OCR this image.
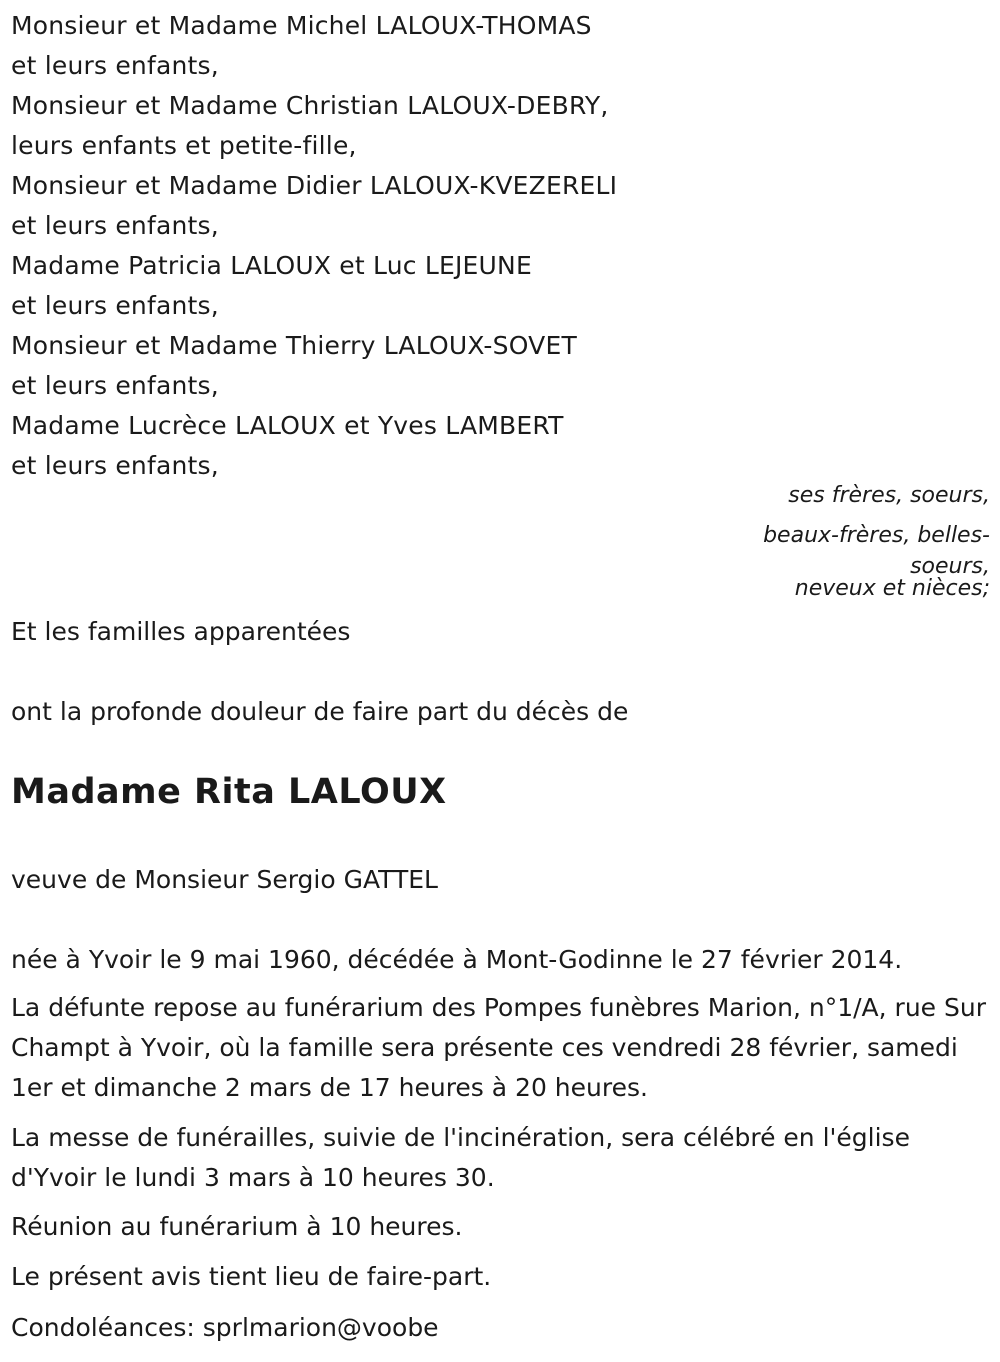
Monsieur et Madame Michel LALOUX-THOMAS
et leurs enfants,
Monsieur et Madame Christian LALOUX-DEBRY,
leurs enfants et petite-fille,
Monsieur et Madame Didier LALOUX-KVEZERELI
et leurs enfants,
Madame Patricia LALOUX et Luc LEJEUNE
et leurs enfants,
Monsieur et Madame Thierry LALOUX-SOVET
et leurs enfants,
Madame Lucrèce LALOUX et Yves LAMBERT
et leurs enfants,
ses frères, soeurs,
beaux-frères, belles-
soeurs,
neveux et nièces;
Et les familles apparentées
ont la profonde douleur de faire part du décès de
Madame Rita LALOUX
veuve de Monsieur Sergio GATTEL
née à Yvoir le 9 mai 1960, décédée à Mont-Godinne le 27 février 2014.
La défunte repose au funérarium des Pompes funèbres Marion, n°1/A, rue Sur Champt à Yvoir, où la famille sera présente ces vendredi 28 février, samedi 1er et dimanche 2 mars de 17 heures à 20 heures.
La messe de funérailles, suivie de l'incinération, sera célébré en l'église d'Yvoir le lundi 3 mars à 10 heures 30.
Réunion au funérarium à 10 heures.
Le présent avis tient lieu de faire-part.
Condoléances: sprlmarion@voobe
